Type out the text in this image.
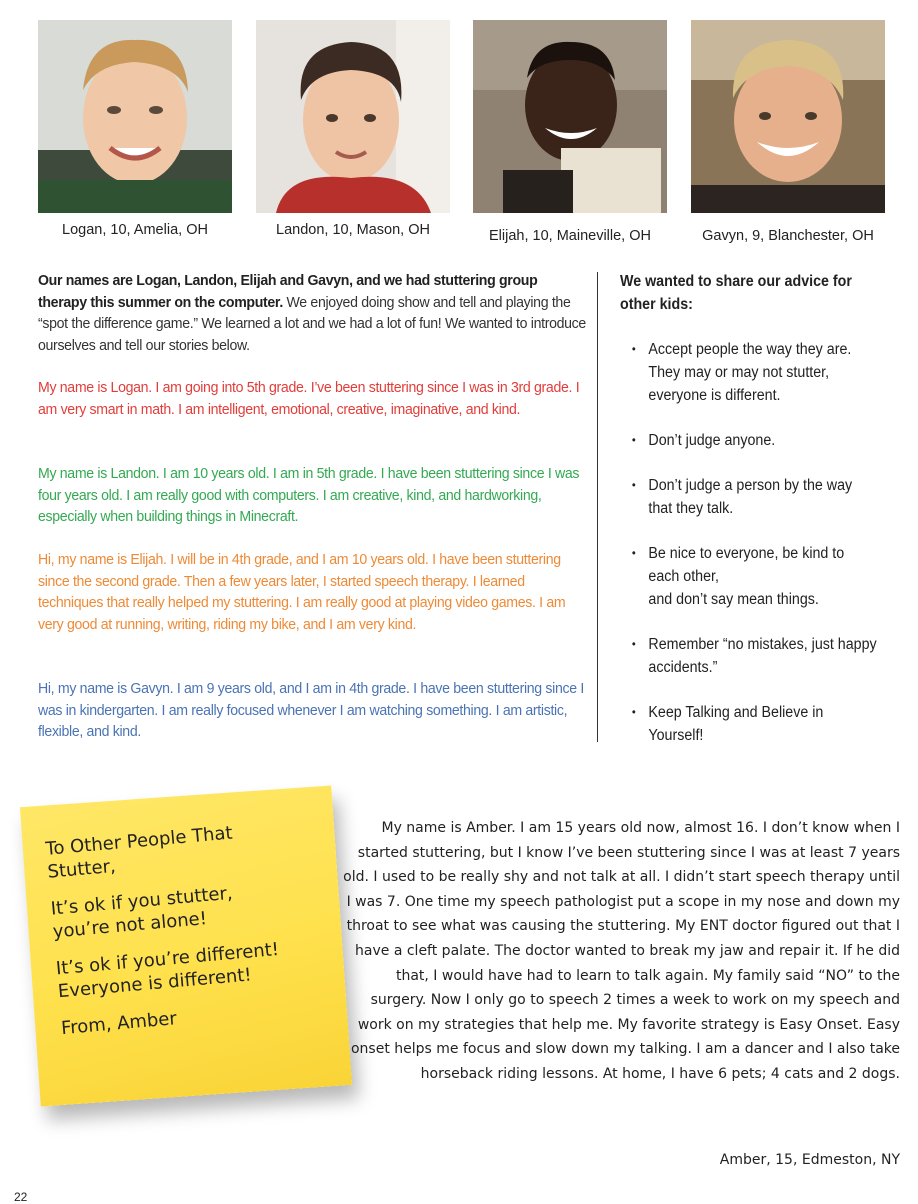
Logan, 10, Amelia, OH	Landon, 10, Mason, OH	Elijah, 10, Maineville, OH	Gavyn, 9, Blanchester, OH

Our names are Logan, Landon, Elijah and Gavyn, and we had stuttering group therapy this summer on the computer. We enjoyed doing show and tell and playing the “spot the difference game.” We learned a lot and we had a lot of fun! We wanted to introduce ourselves and tell our stories below.

My name is Logan. I am going into 5th grade. I’ve been stuttering since I was in 3rd grade. I am very smart in math. I am intelligent, emotional, creative, imaginative, and kind.

My name is Landon. I am 10 years old. I am in 5th grade. I have been stuttering since I was four years old. I am really good with computers. I am creative, kind, and hardworking, especially when building things in Minecraft.

Hi, my name is Elijah. I will be in 4th grade, and I am 10 years old. I have been stuttering since the second grade. Then a few years later, I started speech therapy. I learned techniques that really helped my stuttering. I am really good at playing video games. I am very good at running, writing, riding my bike, and I am very kind.

Hi, my name is Gavyn. I am 9 years old, and I am in 4th grade. I have been stuttering since I was in kindergarten. I am really focused whenever I am watching something. I am artistic, flexible, and kind.

We wanted to share our advice for other kids:

• Accept people the way they are. They may or may not stutter, everyone is different.
• Don’t judge anyone.
• Don’t judge a person by the way that they talk.
• Be nice to everyone, be kind to each other,
and don’t say mean things.
• Remember “no mistakes, just happy accidents.”
• Keep Talking and Believe in Yourself!

To Other People That Stutter,

It’s ok if you stutter, you’re not alone!

It’s ok if you’re different! Everyone is different!

From, Amber

My name is Amber. I am 15 years old now, almost 16. I don’t know when I started stuttering, but I know I’ve been stuttering since I was at least 7 years old. I used to be really shy and not talk at all. I didn’t start speech therapy until I was 7. One time my speech pathologist put a scope in my nose and down my throat to see what was causing the stuttering. My ENT doctor figured out that I have a cleft palate. The doctor wanted to break my jaw and repair it. If he did that, I would have had to learn to talk again. My family said “NO” to the surgery. Now I only go to speech 2 times a week to work on my speech and work on my strategies that help me. My favorite strategy is Easy Onset. Easy onset helps me focus and slow down my talking. I am a dancer and I also take horseback riding lessons. At home, I have 6 pets; 4 cats and 2 dogs.

Amber, 15, Edmeston, NY
22
